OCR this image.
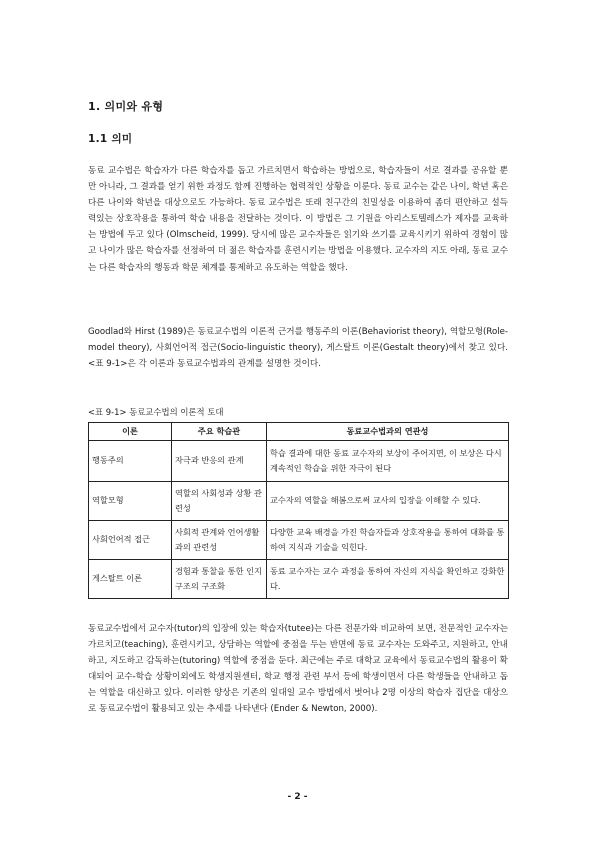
1. 의미와 유형
1.1 의미

동료 교수법은 학습자가 다른 학습자를 돕고 가르치면서 학습하는 방법으로, 학습자들이 서로 결과를 공유할 뿐만 아니라, 그 결과를 얻기 위한 과정도 함께 진행하는 협력적인 상황을 이룬다. 동료 교수는 같은 나이, 학년 혹은 다른 나이와 학년을 대상으로도 가능하다. 동료 교수법은 또래 친구간의 친밀성을 이용하여 좀더 편안하고 설득력있는 상호작용을 통하여 학습 내용을 전달하는 것이다. 이 방법은 그 기원을 아리스토텔레스가 제자를 교육하는 방법에 두고 있다 (Olmscheid, 1999). 당시에 많은 교수자들은 읽기와 쓰기를 교육시키기 위하여 경험이 많고 나이가 많은 학습자를 선정하여 더 젊은 학습자를 훈련시키는 방법을 이용했다. 교수자의 지도 아래, 동료 교수는 다른 학습자의 행동과 학문 체계를 통제하고 유도하는 역할을 했다.

Goodlad와 Hirst (1989)은 동료교수법의 이론적 근거를 행동주의 이론(Behaviorist theory), 역할모형(Role-model theory), 사회언어적 접근(Socio-linguistic theory), 게스탈트 이론(Gestalt theory)에서 찾고 있다. <표 9-1>은 각 이론과 동료교수법과의 관계를 설명한 것이다.

<표 9-1> 동료교수법의 이론적 토대
이론	주요 학습관	동료교수법과의 연관성
행동주의	자극과 반응의 관계	학습 결과에 대한 동료 교수자의 보상이 주어지면, 이 보상은 다시 계속적인 학습을 위한 자극이 된다
역할모형	역할의 사회성과 상황 관련성	교수자의 역할을 해봄으로써 교사의 입장을 이해할 수 있다.
사회언어적 접근	사회적 관계와 언어생활과의 관련성	다양한 교육 배경을 가진 학습자들과 상호작용을 통하여 대화를 통하여 지식과 기술을 익힌다.
게스탈트 이론	경험과 통찰을 통한 인지구조의 구조화	동료 교수자는 교수 과정을 통하여 자신의 지식을 확인하고 강화한다.

동료교수법에서 교수자(tutor)의 입장에 있는 학습자(tutee)는 다른 전문가와 비교하여 보면, 전문적인 교수자는 가르치고(teaching), 훈련시키고, 상담하는 역할에 중점을 두는 반면에 동료 교수자는 도와주고, 지원하고, 안내하고, 지도하고 감독하는(tutoring) 역할에 중점을 둔다. 최근에는 주로 대학교 교육에서 동료교수법의 활용이 확대되어 교수-학습 상황이외에도 학생지원센터, 학교 행정 관련 부서 등에 학생이면서 다른 학생들을 안내하고 돕는 역할을 대신하고 있다. 이러한 양상은 기존의 일대일 교수 방법에서 벗어나 2명 이상의 학습자 집단을 대상으로 동료교수법이 활용되고 있는 추세를 나타낸다 (Ender & Newton, 2000).

- 2 -
